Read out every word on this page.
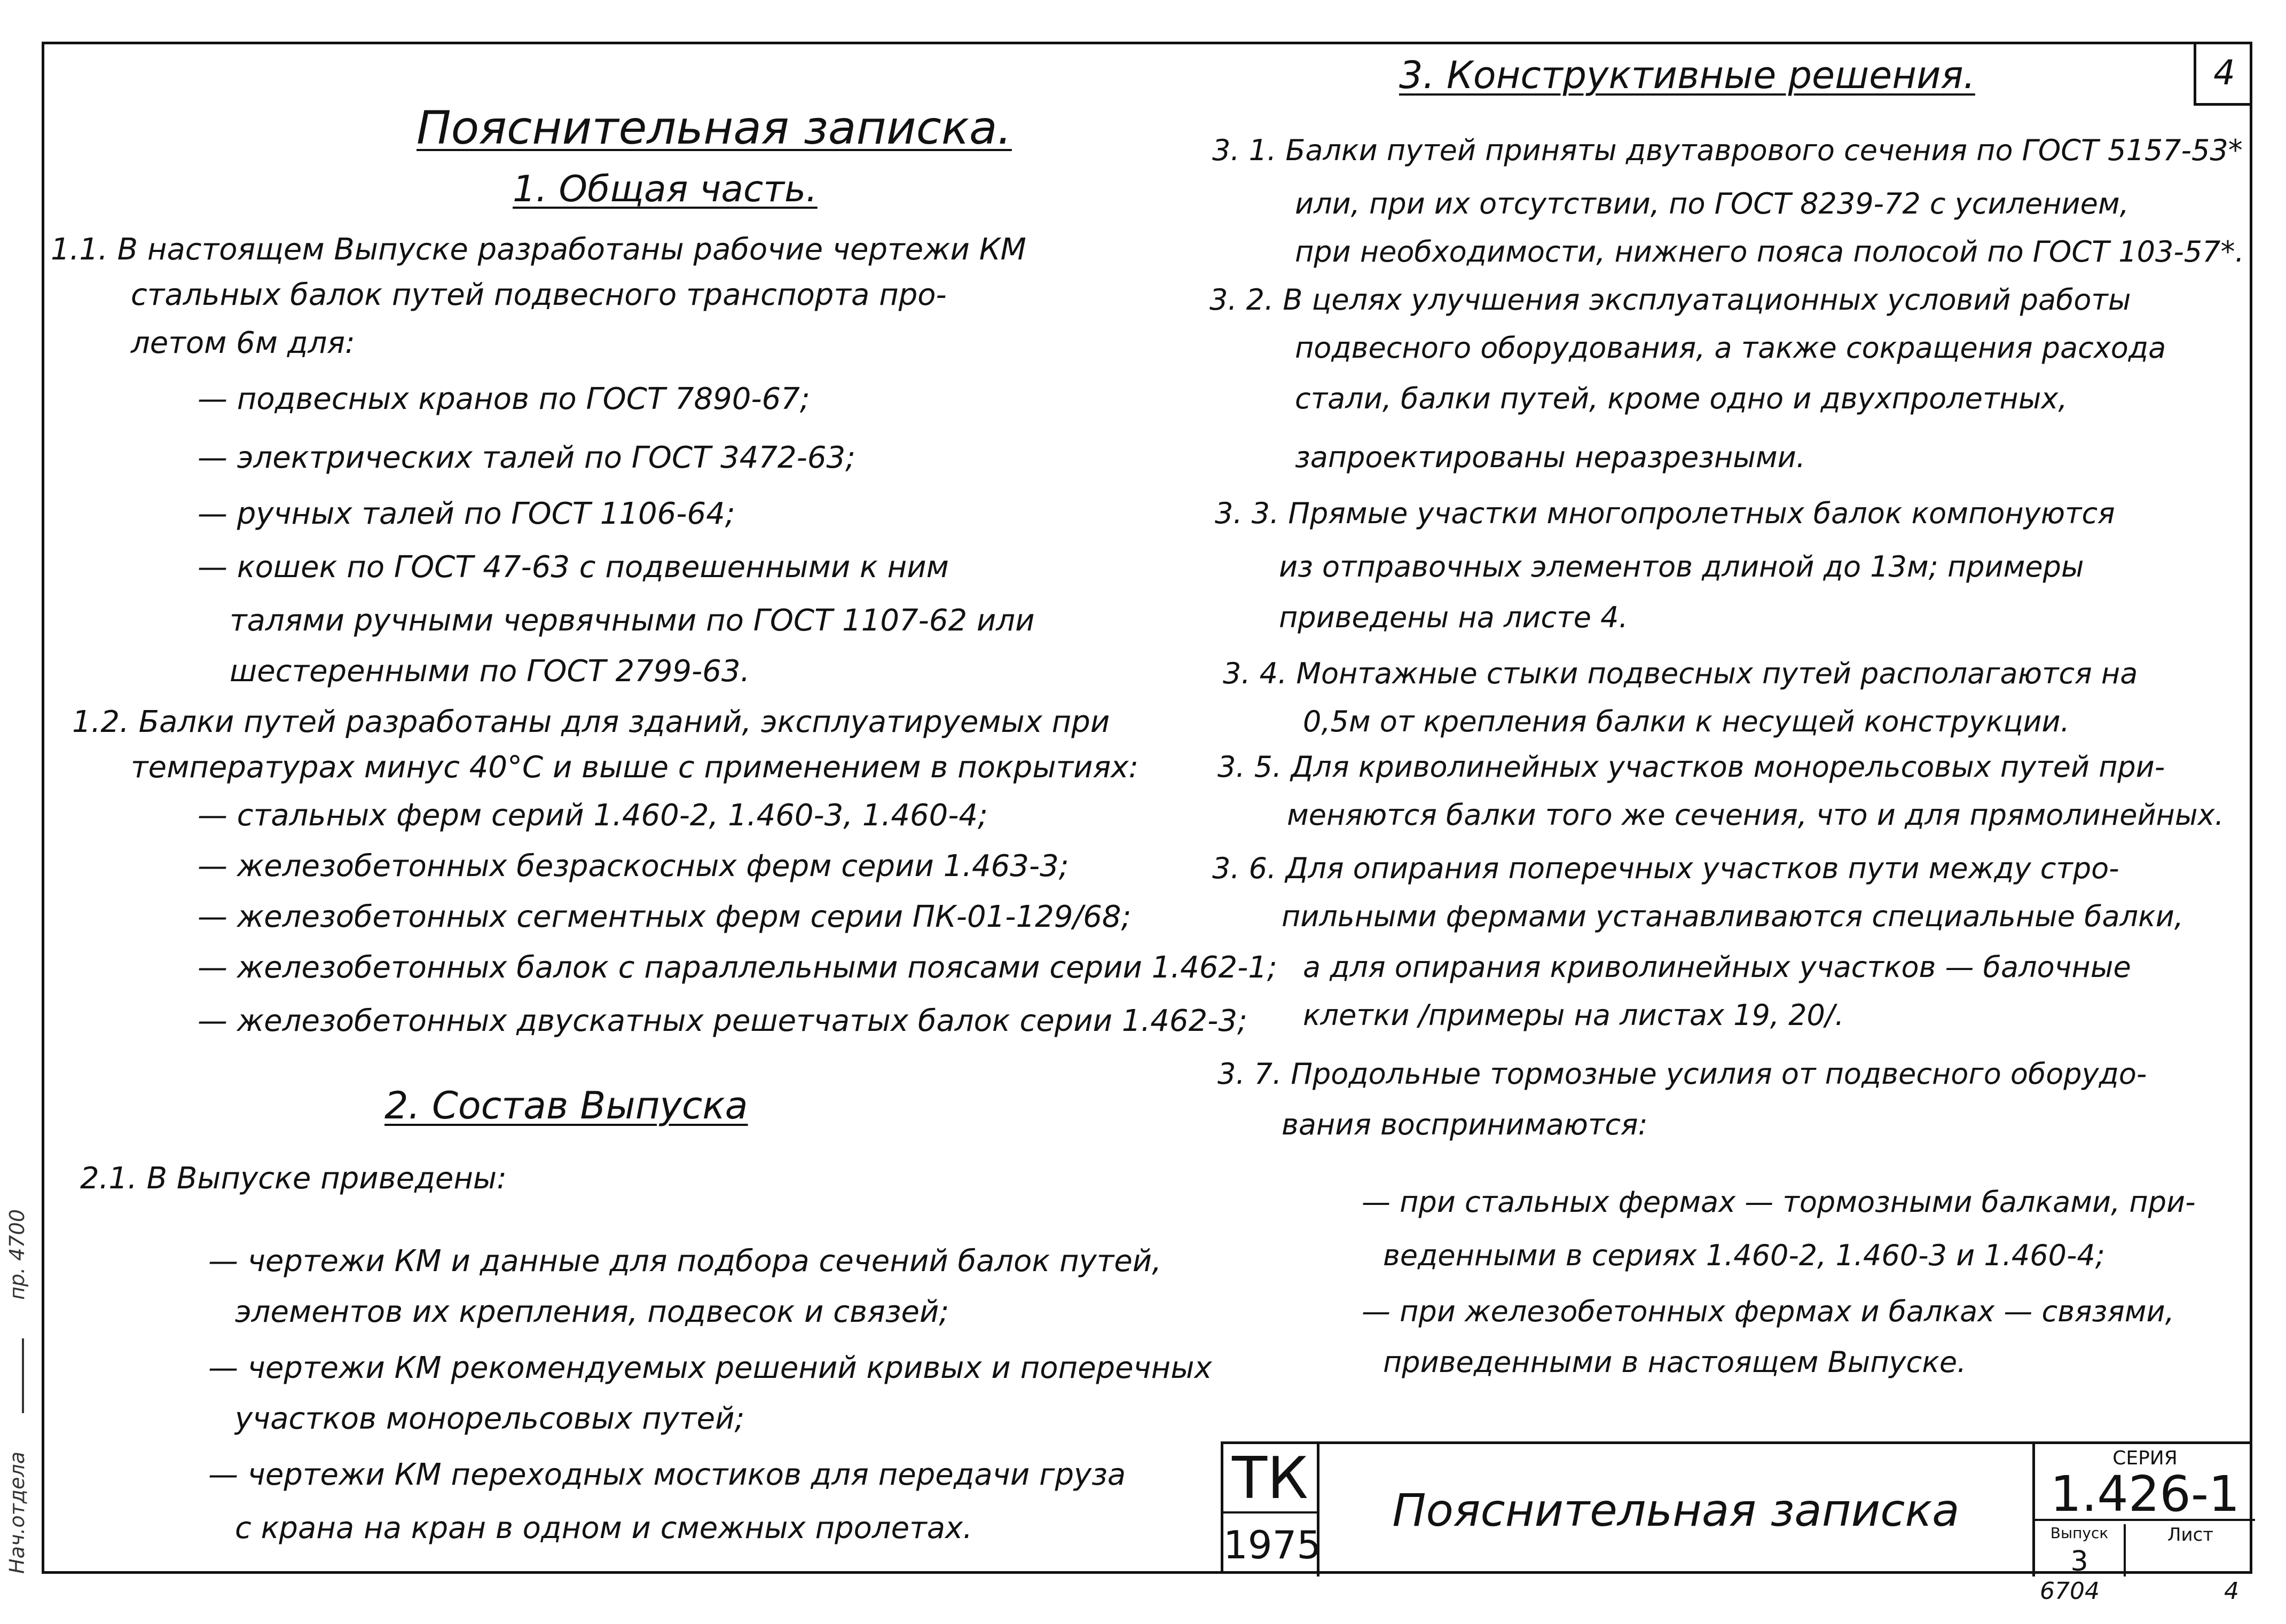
4
Пояснительная записка.
1. Общая часть.
1.1. В настоящем Выпуске разработаны рабочие чертежи КМ
стальных балок путей подвесного транспорта про-
летом 6м для:
— подвесных кранов по ГОСТ 7890-67;
— электрических талей по ГОСТ 3472-63;
— ручных талей по ГОСТ 1106-64;
— кошек по ГОСТ 47-63 с подвешенными к ним
талями ручными червячными по ГОСТ 1107-62 или
шестеренными по ГОСТ 2799-63.
1.2. Балки путей разработаны для зданий, эксплуатируемых при
температурах минус 40°С и выше с применением в покрытиях:
— стальных ферм серий 1.460-2, 1.460-3, 1.460-4;
— железобетонных безраскосных ферм серии 1.463-3;
— железобетонных сегментных ферм серии ПК-01-129/68;
— железобетонных балок с параллельными поясами серии 1.462-1;
— железобетонных двускатных решетчатых балок серии 1.462-3;
2. Состав Выпуска
2.1. В Выпуске приведены:
— чертежи КМ и данные для подбора сечений балок путей,
элементов их крепления, подвесок и связей;
— чертежи КМ рекомендуемых решений кривых и поперечных
участков монорельсовых путей;
— чертежи КМ переходных мостиков для передачи груза
с крана на кран в одном и смежных пролетах.
3. Конструктивные решения.
3. 1. Балки путей приняты двутаврового сечения по ГОСТ 5157-53*
или, при их отсутствии, по ГОСТ 8239-72 с усилением,
при необходимости, нижнего пояса полосой по ГОСТ 103-57*.
3. 2. В целях улучшения эксплуатационных условий работы
подвесного оборудования, а также сокращения расхода
стали, балки путей, кроме одно и двухпролетных,
запроектированы неразрезными.
3. 3. Прямые участки многопролетных балок компонуются
из отправочных элементов длиной до 13м; примеры
приведены на листе 4.
3. 4. Монтажные стыки подвесных путей располагаются на
0,5м от крепления балки к несущей конструкции.
3. 5. Для криволинейных участков монорельсовых путей при-
меняются балки того же сечения, что и для прямолинейных.
3. 6. Для опирания поперечных участков пути между стро-
пильными фермами устанавливаются специальные балки,
а для опирания криволинейных участков — балочные
клетки /примеры на листах 19, 20/.
3. 7. Продольные тормозные усилия от подвесного оборудо-
вания воспринимаются:
— при стальных фермах — тормозными балками, при-
веденными в сериях 1.460-2, 1.460-3 и 1.460-4;
— при железобетонных фермах и балках — связями,
приведенными в настоящем Выпуске.
ТК
1975
Пояснительная записка
СЕРИЯ
1.426-1
Выпуск
3
Лист
6704	4
Нач.отдела  пр. 4700
